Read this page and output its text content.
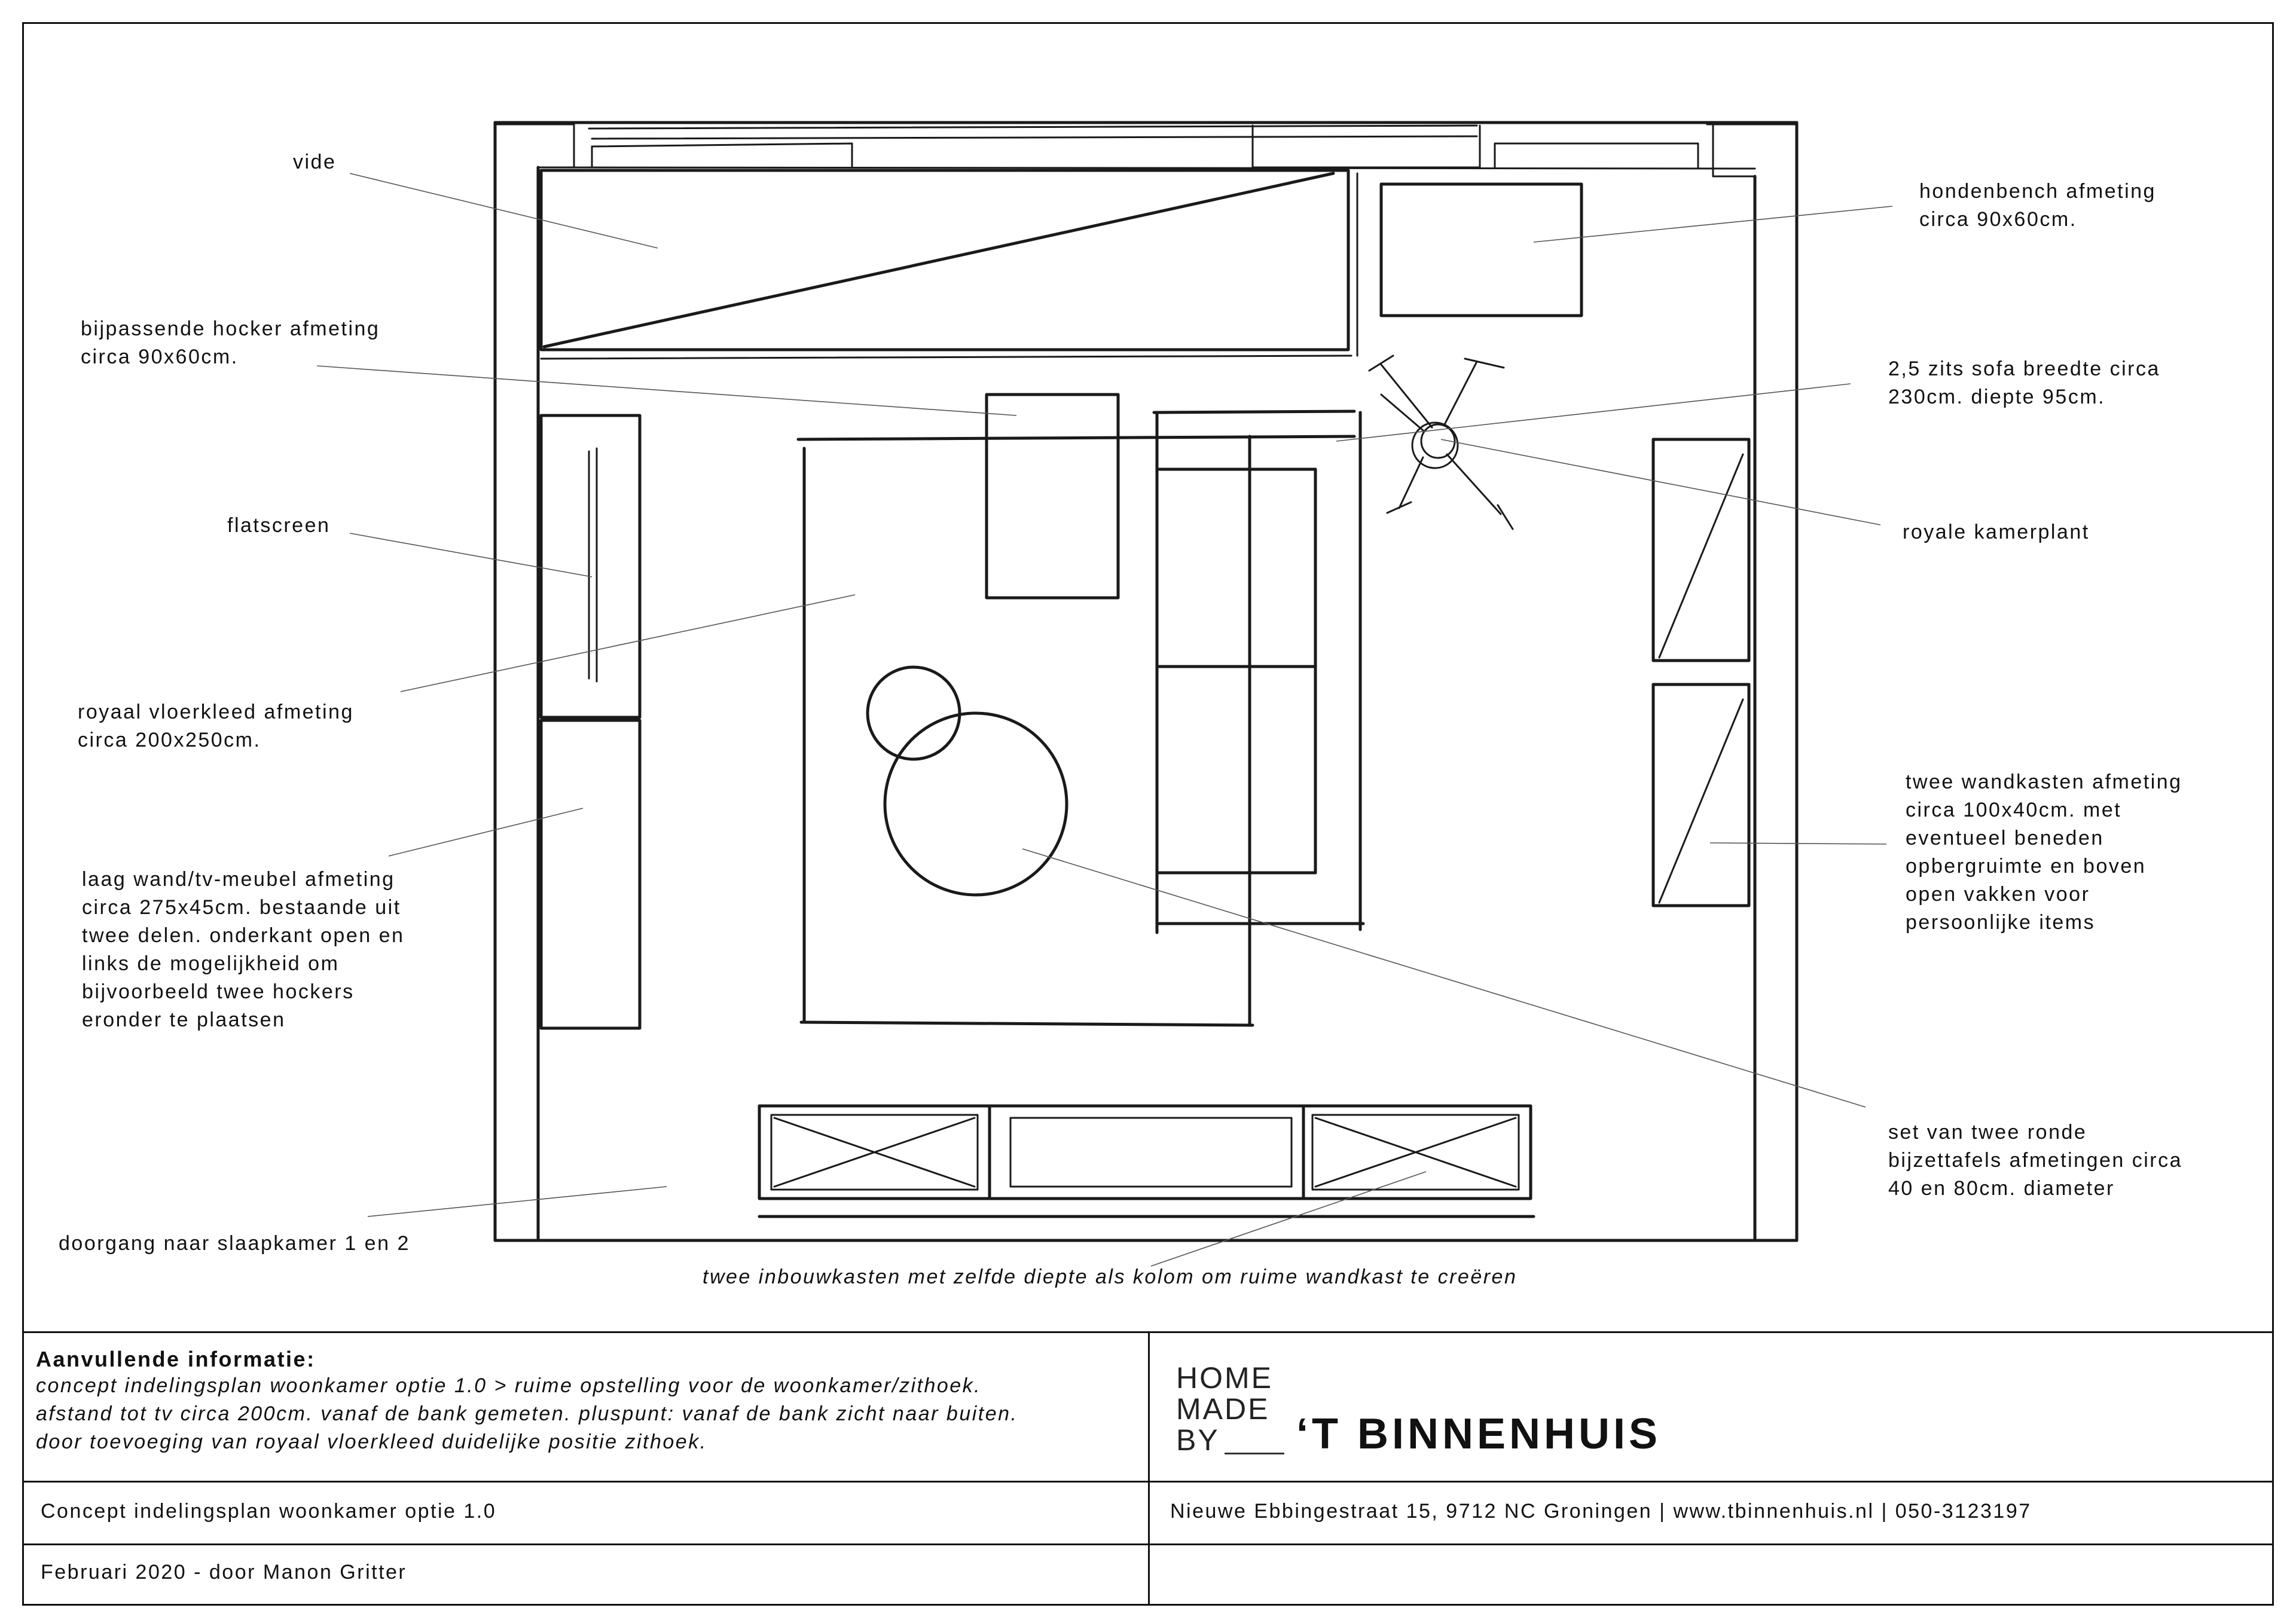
vide
bijpassende hocker afmeting
circa 90x60cm.
flatscreen
royaal vloerkleed afmeting
circa 200x250cm.
laag wand/tv-meubel afmeting
circa 275x45cm. bestaande uit
twee delen. onderkant open en
links de mogelijkheid om
bijvoorbeeld twee hockers
eronder te plaatsen
doorgang naar slaapkamer 1 en 2
hondenbench afmeting
circa 90x60cm.
2,5 zits sofa breedte circa
230cm. diepte 95cm.
royale kamerplant
twee wandkasten afmeting
circa 100x40cm. met
eventueel beneden
opbergruimte en boven
open vakken voor
persoonlijke items
set van twee ronde
bijzettafels afmetingen circa
40 en 80cm. diameter
twee inbouwkasten met zelfde diepte als kolom om ruime wandkast te creëren
Aanvullende informatie:
concept indelingsplan woonkamer optie 1.0 > ruime opstelling voor de woonkamer/zithoek.
afstand tot tv circa 200cm. vanaf de bank gemeten. pluspunt: vanaf de bank zicht naar buiten.
door toevoeging van royaal vloerkleed duidelijke positie zithoek.
HOME
MADE
BY ‘T BINNENHUIS
Concept indelingsplan woonkamer optie 1.0	Nieuwe Ebbingestraat 15, 9712 NC Groningen | www.tbinnenhuis.nl | 050-3123197
Februari 2020 - door Manon Gritter
